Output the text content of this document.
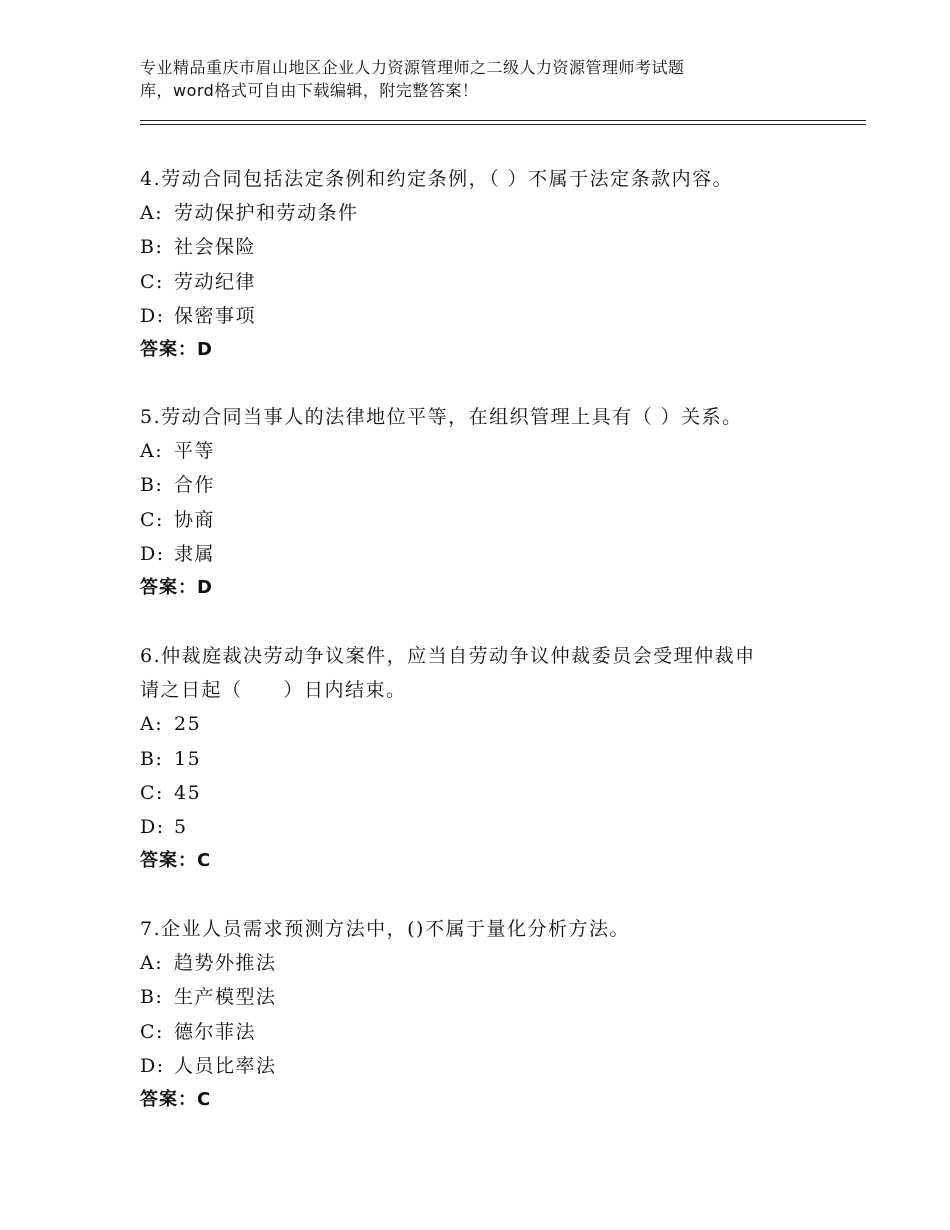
专业精品重庆市眉山地区企业人力资源管理师之二级人力资源管理师考试题
库，word格式可自由下载编辑，附完整答案！
4.劳动合同包括法定条例和约定条例，（ ）不属于法定条款内容。
A: 劳动保护和劳动条件
B: 社会保险
C: 劳动纪律
D: 保密事项
答案：D
5.劳动合同当事人的法律地位平等，在组织管理上具有（ ）关系。
A: 平等
B: 合作
C: 协商
D: 隶属
答案：D
6.仲裁庭裁决劳动争议案件，应当自劳动争议仲裁委员会受理仲裁申
请之日起（　　）日内结束。
A: 25
B: 15
C: 45
D: 5
答案：C
7.企业人员需求预测方法中，()不属于量化分析方法。
A: 趋势外推法
B: 生产模型法
C: 德尔菲法
D: 人员比率法
答案：C
